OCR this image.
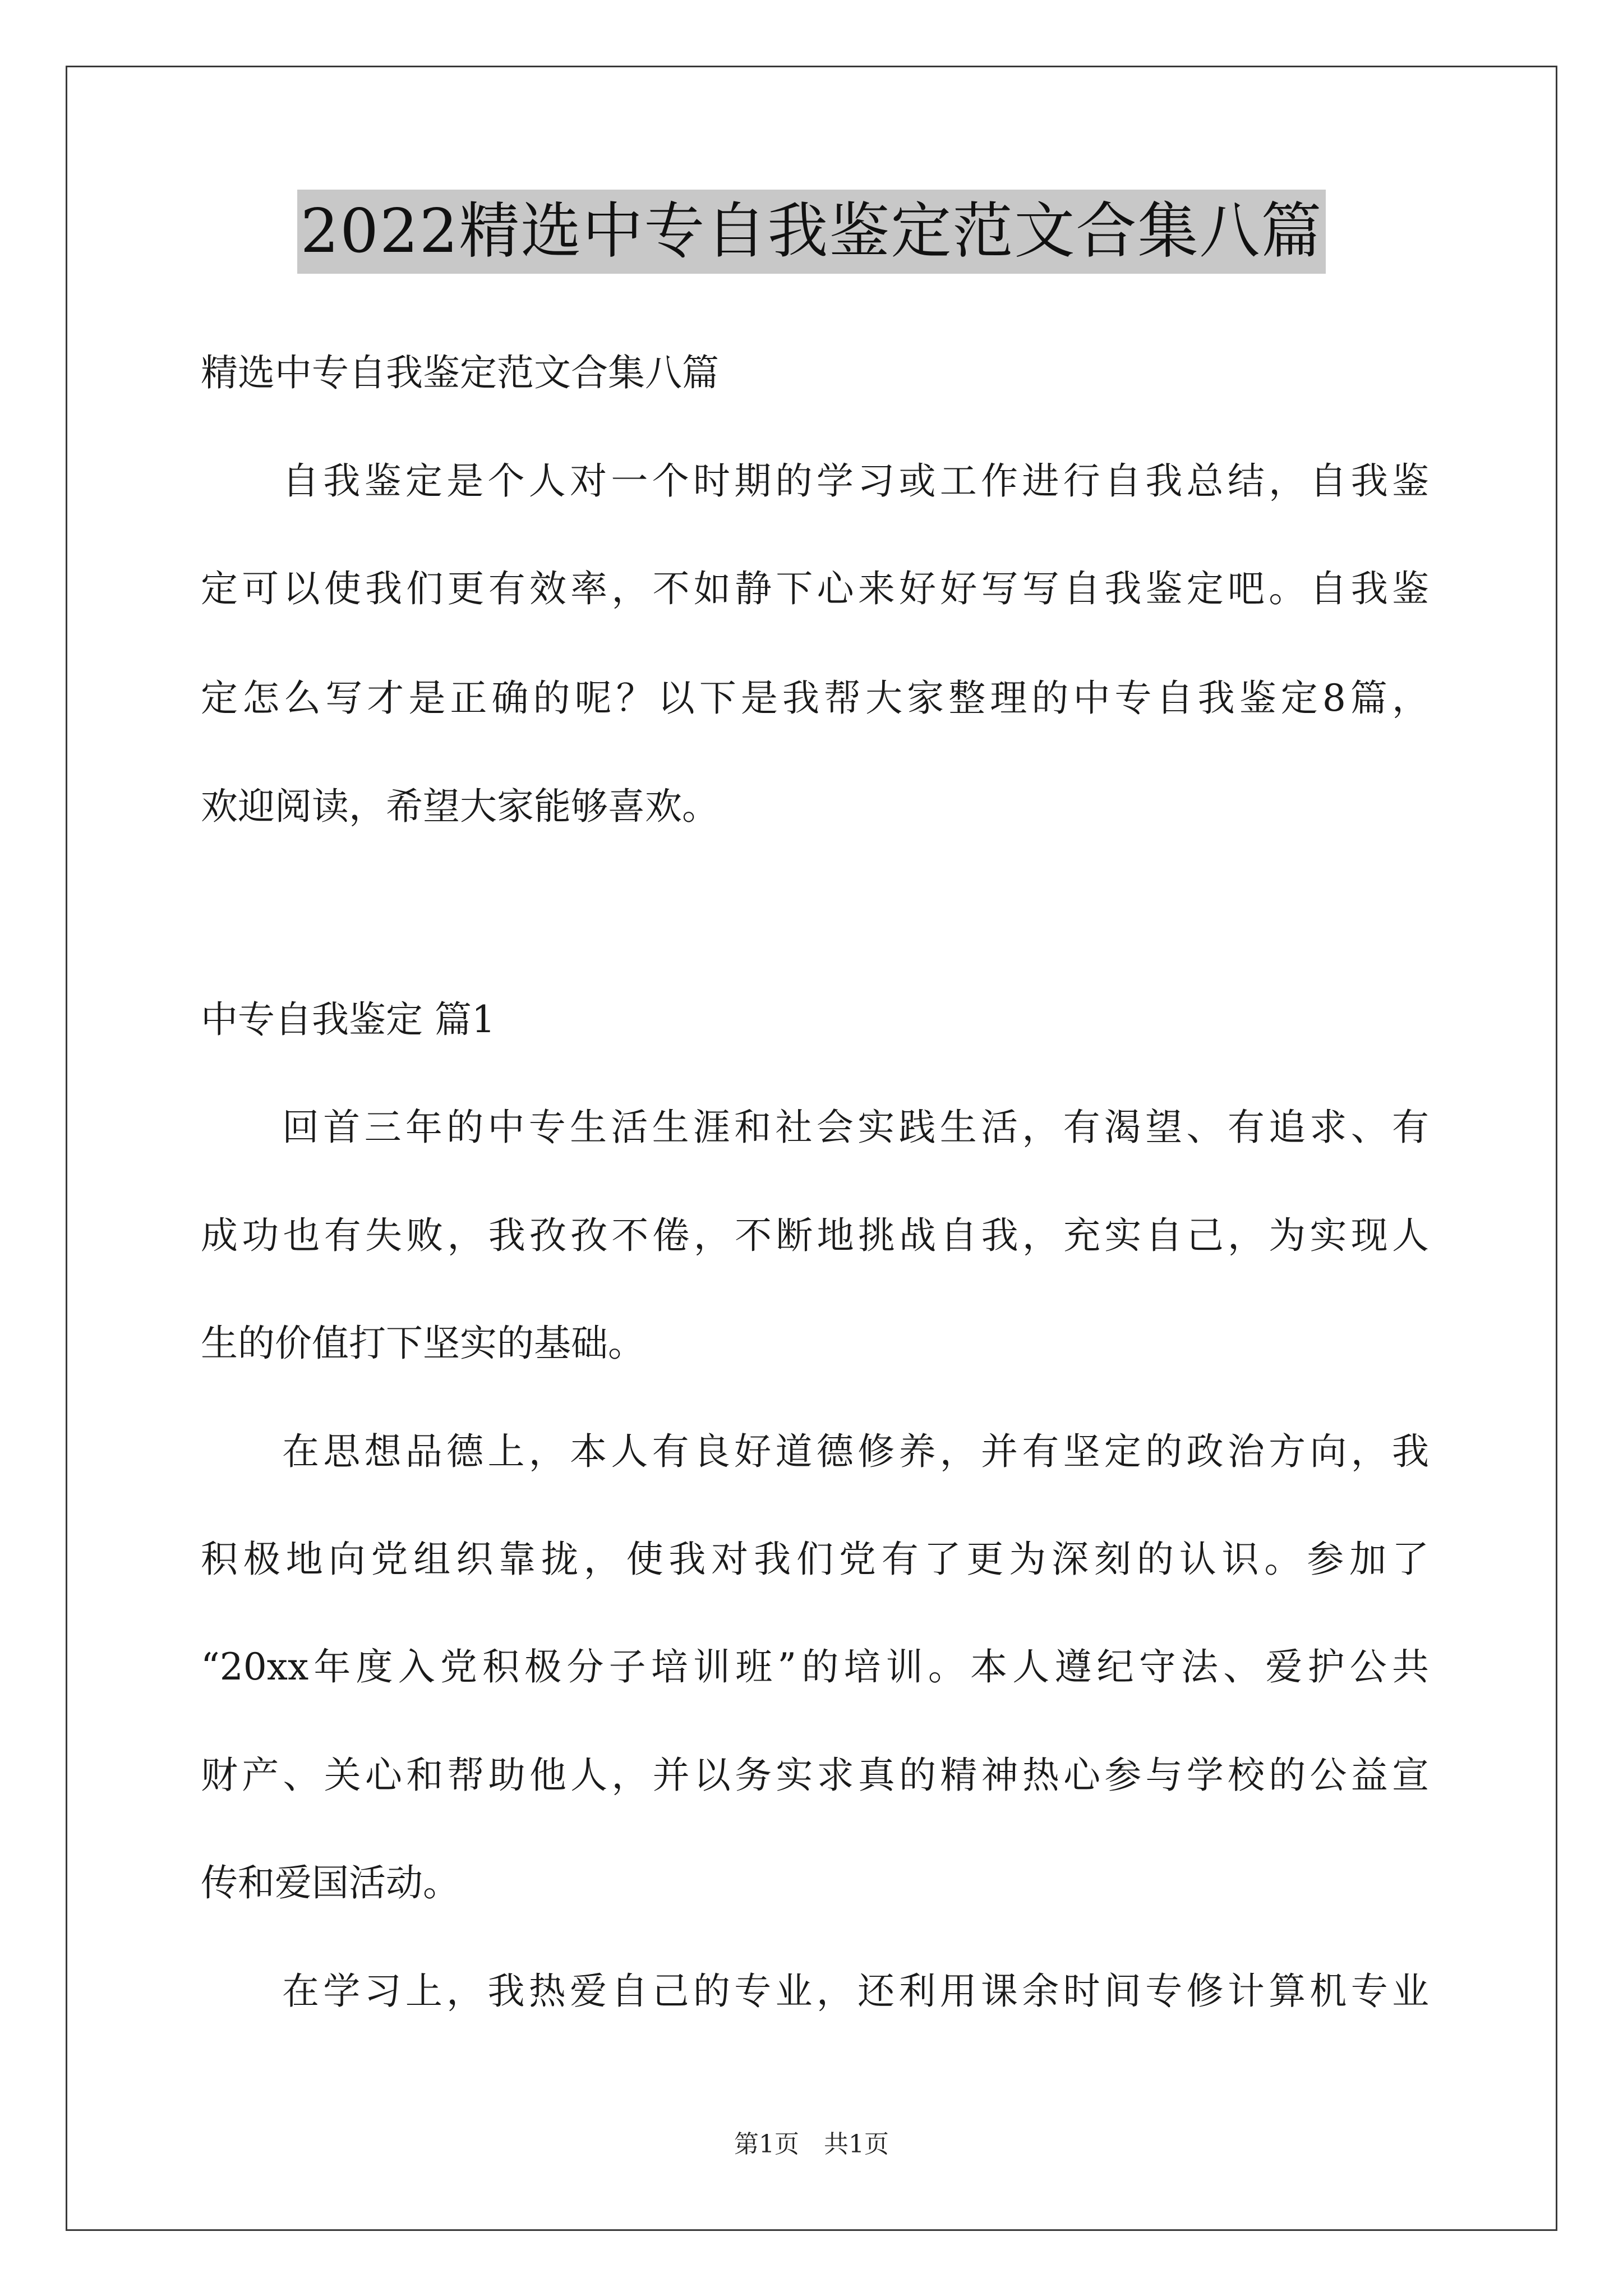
2022精选中专自我鉴定范文合集八篇
精选中专自我鉴定范文合集八篇
自我鉴定是个人对一个时期的学习或工作进行自我总结，自我鉴
定可以使我们更有效率，不如静下心来好好写写自我鉴定吧。自我鉴
定怎么写才是正确的呢？以下是我帮大家整理的中专自我鉴定8篇，
欢迎阅读，希望大家能够喜欢。
中专自我鉴定 篇1
回首三年的中专生活生涯和社会实践生活，有渴望、有追求、有
成功也有失败，我孜孜不倦，不断地挑战自我，充实自己，为实现人
生的价值打下坚实的基础。
在思想品德上，本人有良好道德修养，并有坚定的政治方向，我
积极地向党组织靠拢，使我对我们党有了更为深刻的认识。参加了
“20xx年度入党积极分子培训班”的培训。本人遵纪守法、爱护公共
财产、关心和帮助他人，并以务实求真的精神热心参与学校的公益宣
传和爱国活动。
在学习上，我热爱自己的专业，还利用课余时间专修计算机专业
第1页　共1页
